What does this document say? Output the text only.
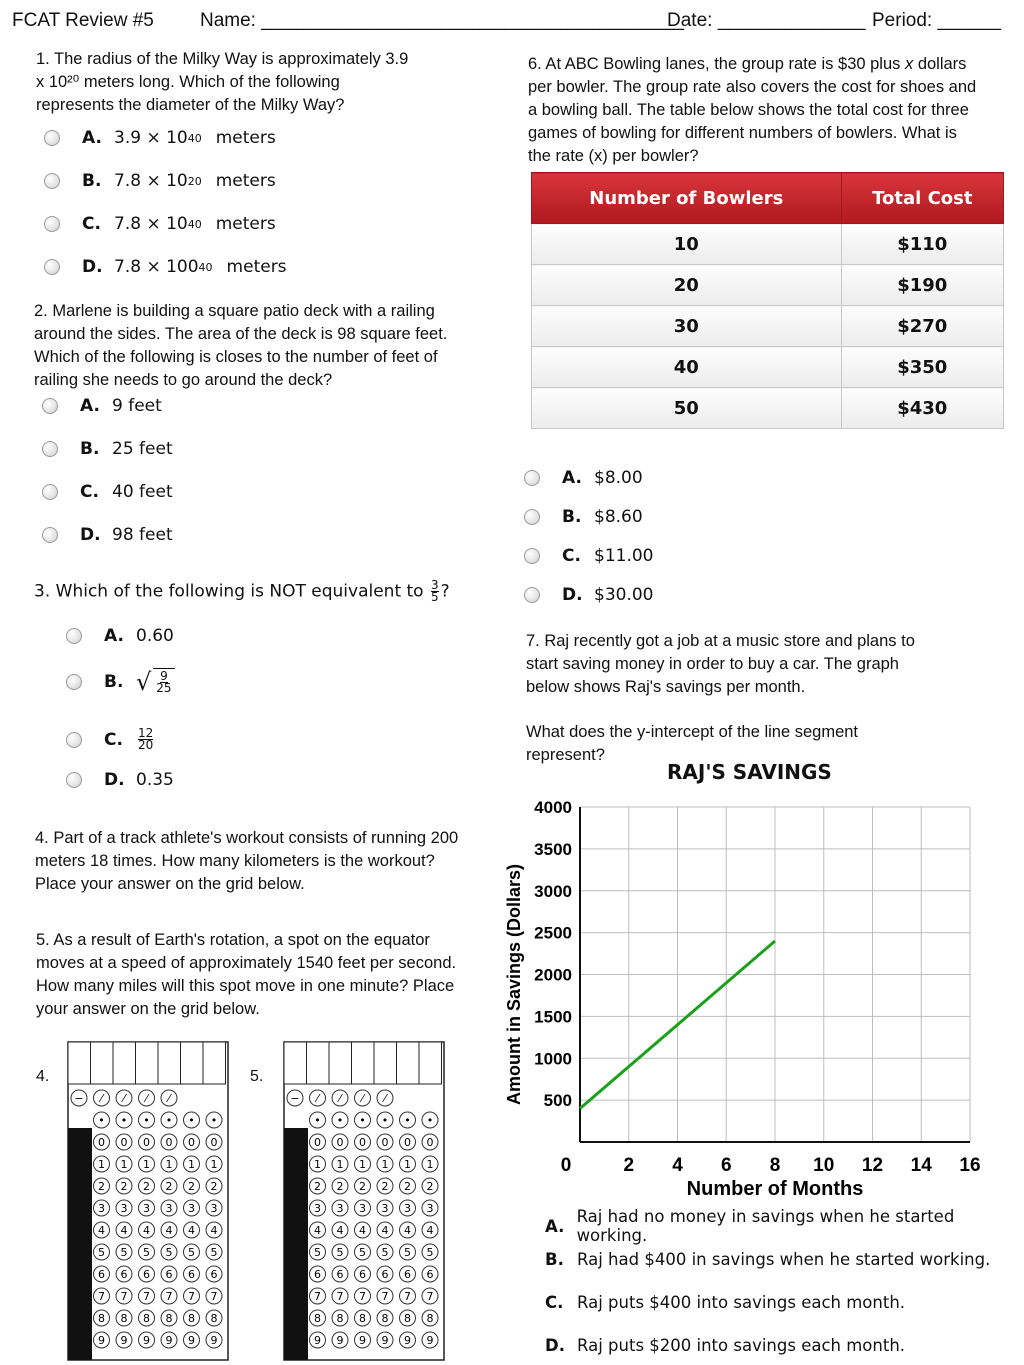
FCAT Review #5 Name: ________________________________________
Date: ______________ Period: ______
1. The radius of the Milky Way is approximately 3.9 x 10²⁰ meters long. Which of the following represents the diameter of the Milky Way?
2. Marlene is building a square patio deck with a railing around the sides. The area of the deck is 98 square feet. Which of the following is closes to the number of feet of railing she needs to go around the deck?
3. Which of the following is NOT equivalent to $\frac{3}{5}$ ?
4. Part of a track athlete's workout consists of running 200 meters 18 times. How many kilometers is the workout? Place your answer on the grid below.
5. As a result of Earth's rotation, a spot on the equator moves at a speed of approximately 1540 feet per second. How many miles will this spot move in one minute? Place your answer on the grid below.
4.	5.
− ⁄ ⁄ ⁄ ⁄
• • • • • •
0 0 0 0 0 0
1 1 1 1 1 1
2 2 2 2 2 2
3 3 3 3 3 3
4 4 4 4 4 4
5 5 5 5 5 5
6 6 6 6 6 6
7 7 7 7 7 7
8 8 8 8 8 8
9 9 9 9 9 9
− ⁄ ⁄ ⁄ ⁄
• • • • • •
0 0 0 0 0 0
1 1 1 1 1 1
2 2 2 2 2 2
3 3 3 3 3 3
4 4 4 4 4 4
5 5 5 5 5 5
6 6 6 6 6 6
7 7 7 7 7 7
8 8 8 8 8 8
9 9 9 9 9 9
6. At ABC Bowling lanes, the group rate is $30 plus x dollars per bowler. The group rate also covers the cost for shoes and a bowling ball. The table below shows the total cost for three games of bowling for different numbers of bowlers. What is the rate (x) per bowler?
Number of Bowlers	Total Cost
10	$110
20	$190
30	$270
40	$350
50	$430
7. Raj recently got a job at a music store and plans to start saving money in order to buy a car. The graph below shows Raj's savings per month.
What does the y-intercept of the line segment represent?
RAJ'S SAVINGS
500
1000
1500
2000
2500
3000
3500
4000
0	2 4 6 8 10 12 14 16
Number of Months
Amount in Savings (Dollars)
A. 3.9 × 10 40 meters
B. 7.8 × 10 20 meters
C. 7.8 × 10 40 meters
D. 7.8 × 100 40 meters
A. 9 feet
B. 25 feet
C. 40 feet
D. 98 feet
A. 0.60
B. √ $\frac{9}{25}$
C.	$\frac{12}{20}$
D. 0.35
A. $8.00
B. $8.60
C. $11.00
D. $30.00
A. Raj had no money in savings when he started working.
B. Raj had $400 in savings when he started working.
C. Raj puts $400 into savings each month.
D. Raj puts $200 into savings each month.
